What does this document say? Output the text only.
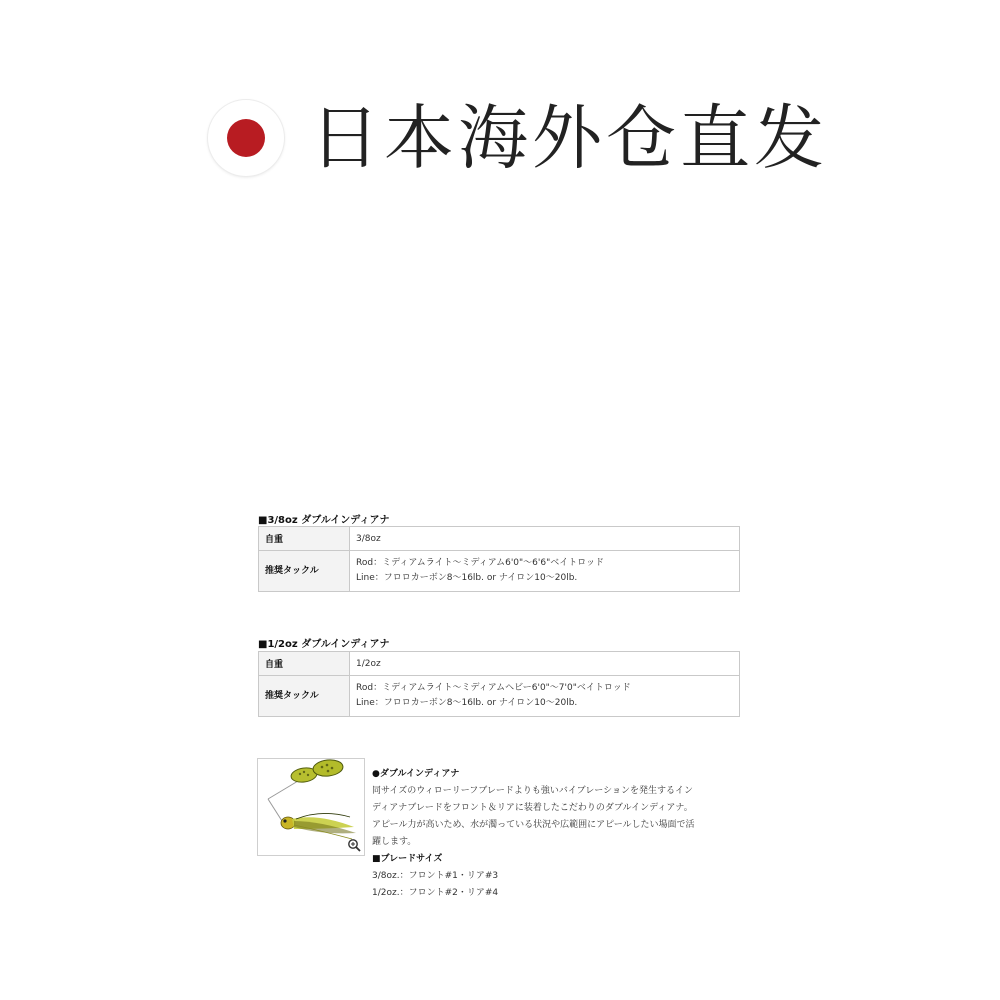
日本海外仓直发
■3/8oz ダブルインディアナ
自重	3/8oz
推奨タックル	Rod：ミディアムライト～ミディアム6'0"～6'6"ベイトロッド
Line：フロロカーボン8～16lb. or ナイロン10～20lb.
■1/2oz ダブルインディアナ
自重	1/2oz
推奨タックル	Rod：ミディアムライト～ミディアムヘビー6'0"～7'0"ベイトロッド
Line：フロロカーボン8～16lb. or ナイロン10～20lb.
●ダブルインディアナ
同サイズのウィローリーフブレードよりも強いバイブレーションを発生するイン
ディアナブレードをフロント＆リアに装着したこだわりのダブルインディアナ。
アピール力が高いため、水が濁っている状況や広範囲にアピールしたい場面で活
躍します。
■ブレードサイズ
3/8oz.：フロント#1・リア#3
1/2oz.：フロント#2・リア#4
